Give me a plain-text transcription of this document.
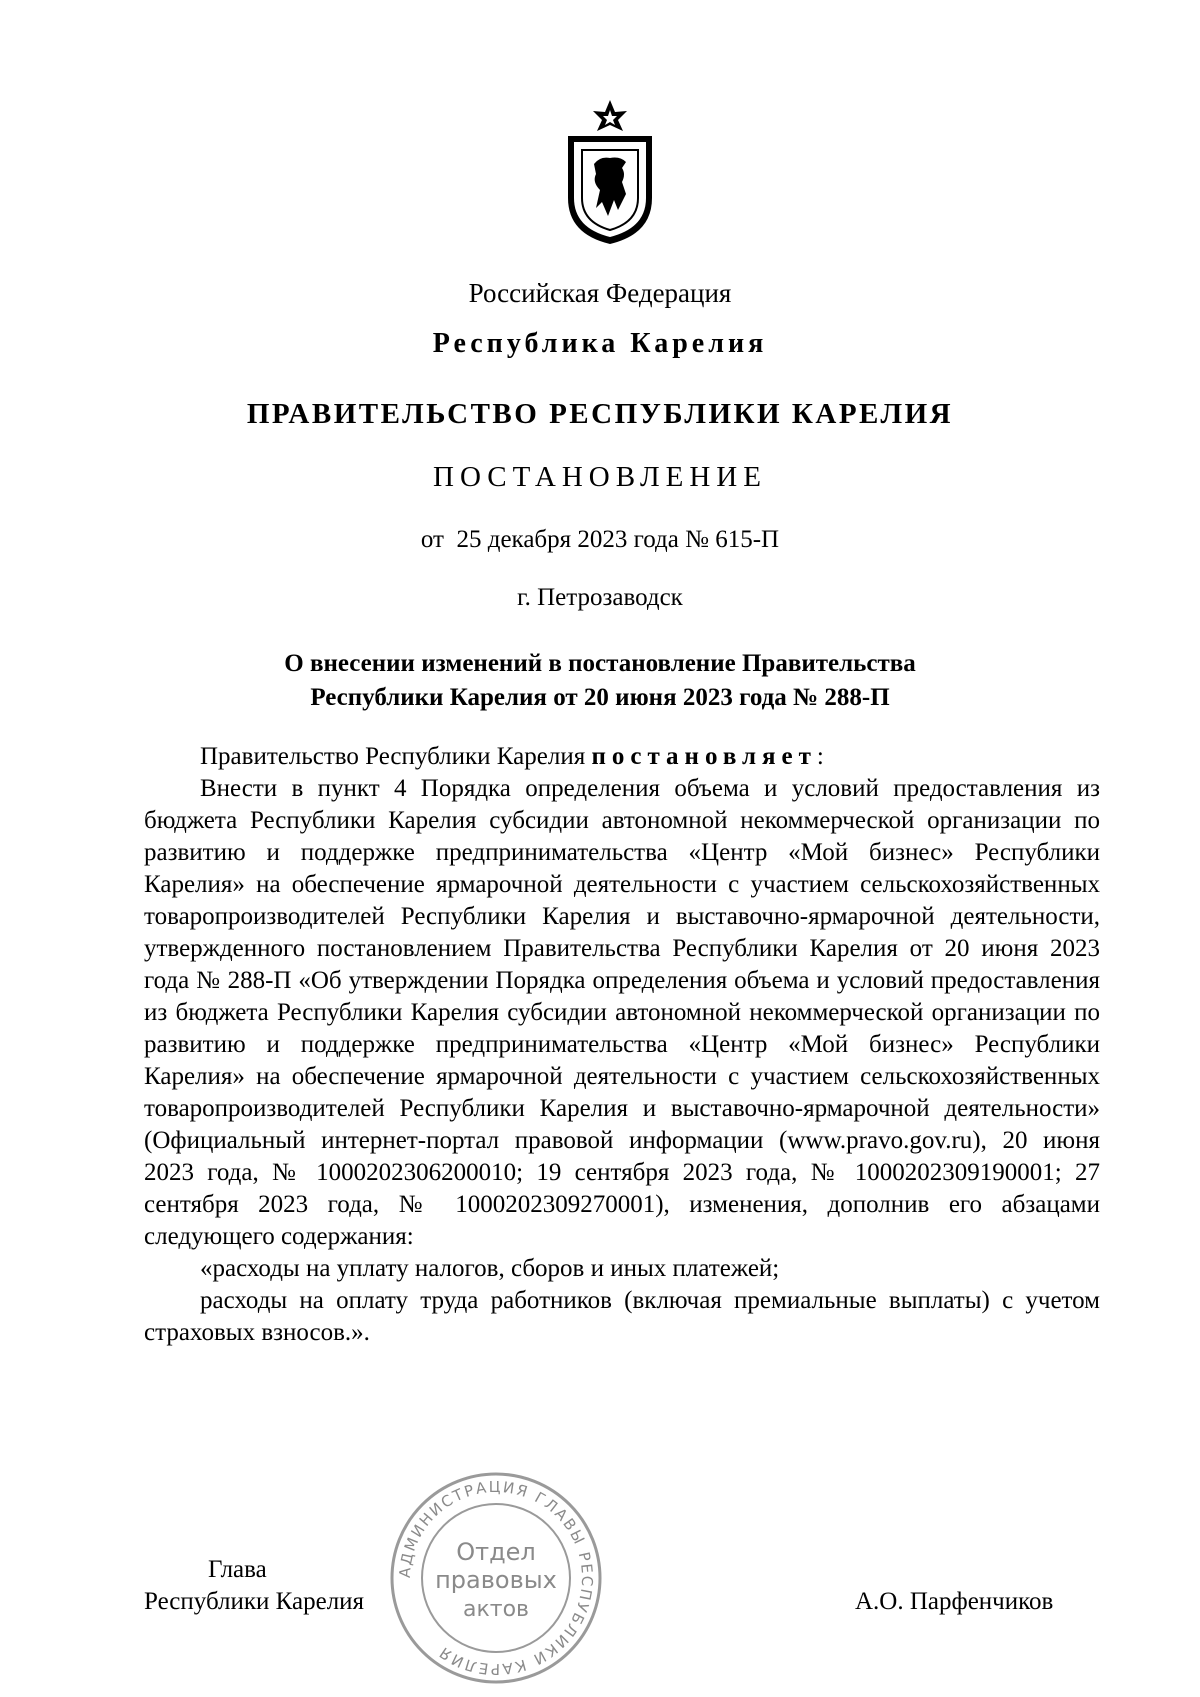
Российская Федерация
Республика Карелия
ПРАВИТЕЛЬСТВО РЕСПУБЛИКИ КАРЕЛИЯ
ПОСТАНОВЛЕНИЕ
от  25 декабря 2023 года № 615-П
г. Петрозаводск
О внесении изменений в постановление Правительства
Республики Карелия от 20 июня 2023 года № 288-П

Правительство Республики Карелия постановляет:

Внести в пункт 4 Порядка определения объема и условий предоставления из бюджета Республики Карелия субсидии автономной некоммерческой организации по развитию и поддержке предпринимательства «Центр «Мой бизнес» Республики Карелия» на обеспечение ярмарочной деятельности с участием сельскохозяйственных товаропроизводителей Республики Карелия и выставочно-ярмарочной деятельности, утвержденного постановлением Правительства Республики Карелия от 20 июня 2023 года № 288-П «Об утверждении Порядка определения объема и условий предоставления из бюджета Республики Карелия субсидии автономной некоммерческой организации по развитию и поддержке предпринимательства «Центр «Мой бизнес» Республики Карелия» на обеспечение ярмарочной деятельности с участием сельскохозяйственных товаропроизводителей Республики Карелия и выставочно-ярмарочной деятельности» (Официальный интернет-портал правовой информации (www.pravo.gov.ru), 20 июня 2023 года, № 1000202306200010; 19 сентября 2023 года, № 1000202309190001; 27 сентября 2023 года, № 1000202309270001), изменения, дополнив его абзацами следующего содержания:

«расходы на уплату налогов, сборов и иных платежей;

расходы на оплату труда работников (включая премиальные выплаты) с учетом страховых взносов.».

Глава
Республики Карелия	А.О. Парфенчиков
АДМИНИСТРАЦИЯ ГЛАВЫ РЕСПУБЛИКИ КАРЕЛИЯ
Отдел
правовых
актов
